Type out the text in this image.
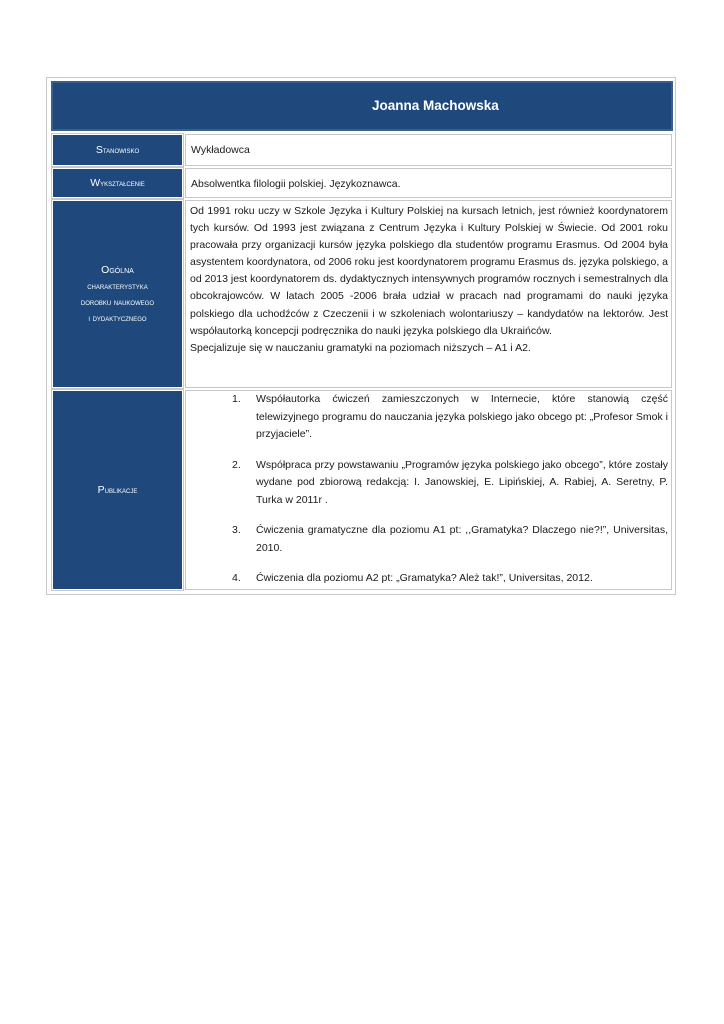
Joanna Machowska
Stanowisko	Wykładowca
Wykształcenie	Absolwentka filologii polskiej. Językoznawca.
Ogólna
charakterystyka
dorobku naukowego
i dydaktycznego

Od 1991 roku uczy w Szkole Języka i Kultury Polskiej na kursach letnich, jest również koordynatorem tych kursów. Od 1993 jest związana z Centrum Języka i Kultury Polskiej w Świecie. Od 2001 roku pracowała przy organizacji kursów języka polskiego dla studentów programu Erasmus. Od 2004 była asystentem koordynatora, od 2006 roku jest koordynatorem programu Erasmus ds. języka polskiego, a od 2013 jest koordynatorem ds. dydaktycznych intensywnych programów rocznych i semestralnych dla obcokrajowców. W latach 2005 -2006 brała udział w pracach nad programami do nauki języka polskiego dla uchodźców z Czeczenii i w szkoleniach wolontariuszy – kandydatów na lektorów. Jest współautorką koncepcji podręcznika do nauki języka polskiego dla Ukraińców.

Specjalizuje się w nauczaniu gramatyki na poziomach niższych – A1 i A2.

Publikacje
1. Współautorka ćwiczeń zamieszczonych w Internecie, które stanowią część telewizyjnego programu do nauczania języka polskiego jako obcego pt: „Profesor Smok i przyjaciele”.
2. Współpraca przy powstawaniu „Programów języka polskiego jako obcego”, które zostały wydane pod zbiorową redakcją: I. Janowskiej, E. Lipińskiej, A. Rabiej, A. Seretny, P. Turka w 2011r .
3. Ćwiczenia gramatyczne dla poziomu A1 pt: ,,Gramatyka? Dlaczego nie?!”, Universitas, 2010.
4. Ćwiczenia dla poziomu A2 pt: „Gramatyka? Ależ tak!”, Universitas, 2012.
